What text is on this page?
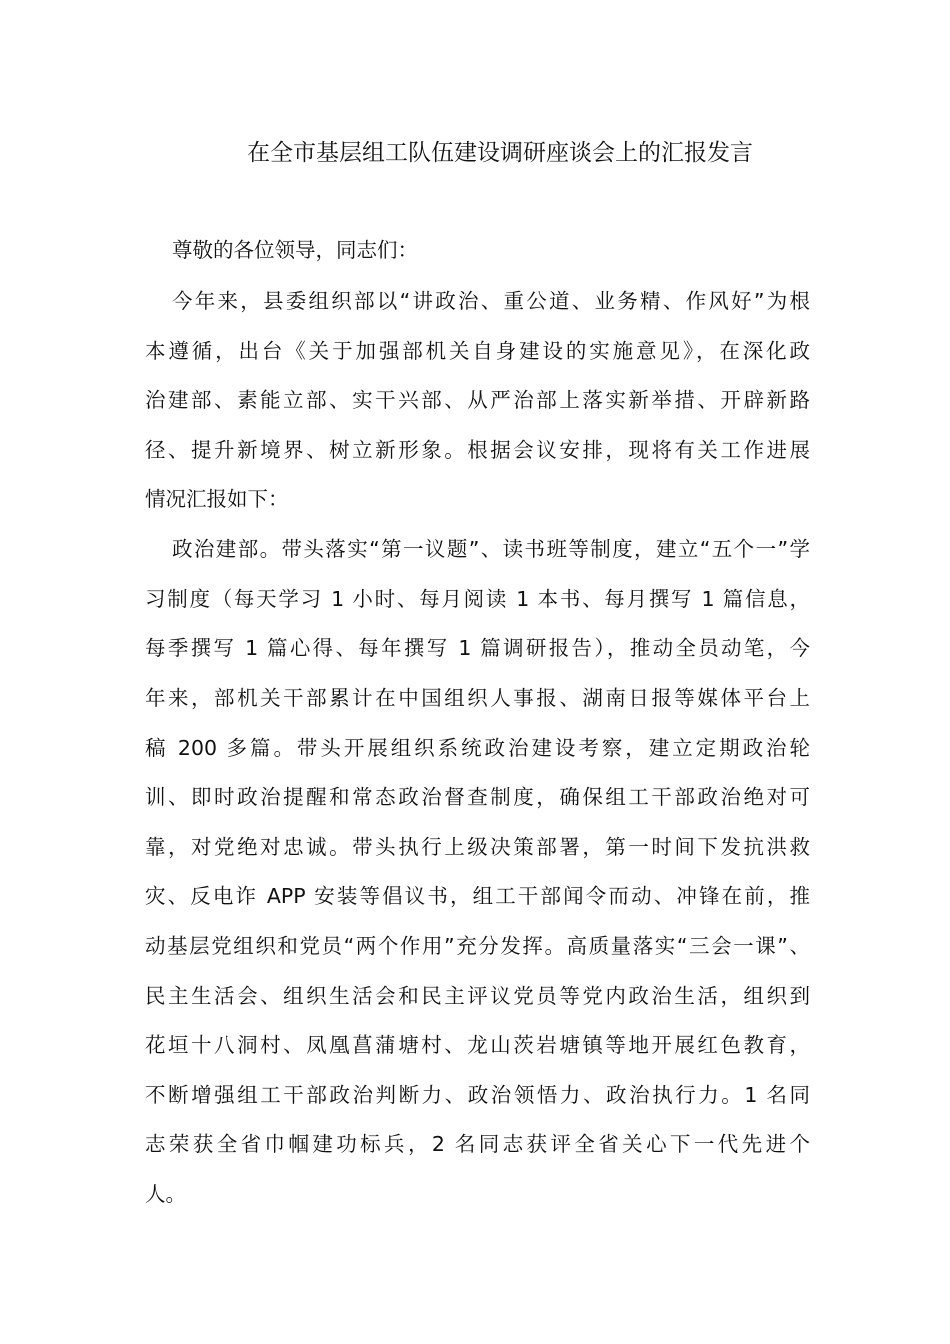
在全市基层组工队伍建设调研座谈会上的汇报发言
尊敬的各位领导，同志们：
今年来，县委组织部以“讲政治、重公道、业务精、作风好”为根
本遵循，出台《关于加强部机关自身建设的实施意见》，在深化政
治建部、素能立部、实干兴部、从严治部上落实新举措、开辟新路
径、提升新境界、树立新形象。根据会议安排，现将有关工作进展
情况汇报如下：
政治建部。带头落实“第一议题”、读书班等制度，建立“五个一”学
习制度（每天学习 1 小时、每月阅读 1 本书、每月撰写 1 篇信息，
每季撰写 1 篇心得、每年撰写 1 篇调研报告），推动全员动笔，今
年来，部机关干部累计在中国组织人事报、湖南日报等媒体平台上
稿 200 多篇。带头开展组织系统政治建设考察，建立定期政治轮
训、即时政治提醒和常态政治督查制度，确保组工干部政治绝对可
靠，对党绝对忠诚。带头执行上级决策部署，第一时间下发抗洪救
灾、反电诈 APP 安装等倡议书，组工干部闻令而动、冲锋在前，推
动基层党组织和党员“两个作用”充分发挥。高质量落实“三会一课”、
民主生活会、组织生活会和民主评议党员等党内政治生活，组织到
花垣十八洞村、凤凰菖蒲塘村、龙山茨岩塘镇等地开展红色教育，
不断增强组工干部政治判断力、政治领悟力、政治执行力。1 名同
志荣获全省巾帼建功标兵，2 名同志获评全省关心下一代先进个
人。
